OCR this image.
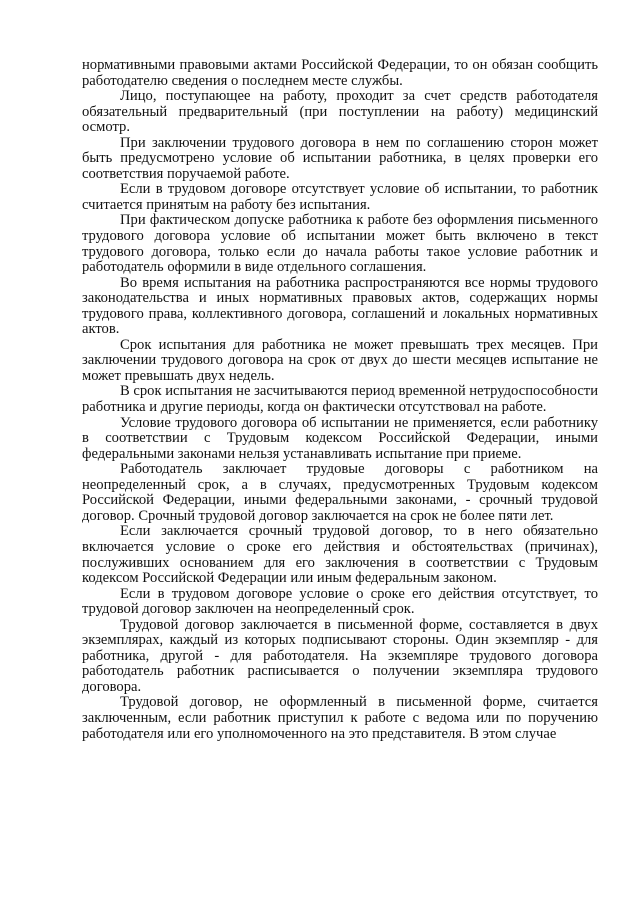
нормативными правовыми актами Российской Федерации, то он обязан сообщить работодателю сведения о последнем месте службы.

Лицо, поступающее на работу, проходит за счет средств работодателя обязательный предварительный (при поступлении на работу) медицинский осмотр.

При заключении трудового договора в нем по соглашению сторон может быть предусмотрено условие об испытании работника, в целях проверки его соответствия поручаемой работе.

Если в трудовом договоре отсутствует условие об испытании, то работник считается принятым на работу без испытания.

При фактическом допуске работника к работе без оформления письменного трудового договора условие об испытании может быть включено в текст трудового договора, только если до начала работы такое условие работник и работодатель оформили в виде отдельного соглашения.

Во время испытания на работника распространяются все нормы трудового законодательства и иных нормативных правовых актов, содержащих нормы трудового права, коллективного договора, соглашений и локальных нормативных актов.

Срок испытания для работника не может превышать трех месяцев. При заключении трудового договора на срок от двух до шести месяцев испытание не может превышать двух недель.

В срок испытания не засчитываются период временной нетрудоспособности работника и другие периоды, когда он фактически отсутствовал на работе.

Условие трудового договора об испытании не применяется, если работнику в соответствии с Трудовым кодексом Российской Федерации, иными федеральными законами нельзя устанавливать испытание при приеме.

Работодатель заключает трудовые договоры с работником на неопределенный срок, а в случаях, предусмотренных Трудовым кодексом Российской Федерации, иными федеральными законами, - срочный трудовой договор. Срочный трудовой договор заключается на срок не более пяти лет.

Если заключается срочный трудовой договор, то в него обязательно включается условие о сроке его действия и обстоятельствах (причинах), послуживших основанием для его заключения в соответствии с Трудовым кодексом Российской Федерации или иным федеральным законом.

Если в трудовом договоре условие о сроке его действия отсутствует, то трудовой договор заключен на неопределенный срок.

Трудовой договор заключается в письменной форме, составляется в двух экземплярах, каждый из которых подписывают стороны. Один экземпляр - для работника, другой - для работодателя. На экземпляре трудового договора работодатель работник расписывается о получении экземпляра трудового договора.

Трудовой договор, не оформленный в письменной форме, считается заключенным, если работник приступил к работе с ведома или по поручению работодателя или его уполномоченного на это представителя. В этом случае
